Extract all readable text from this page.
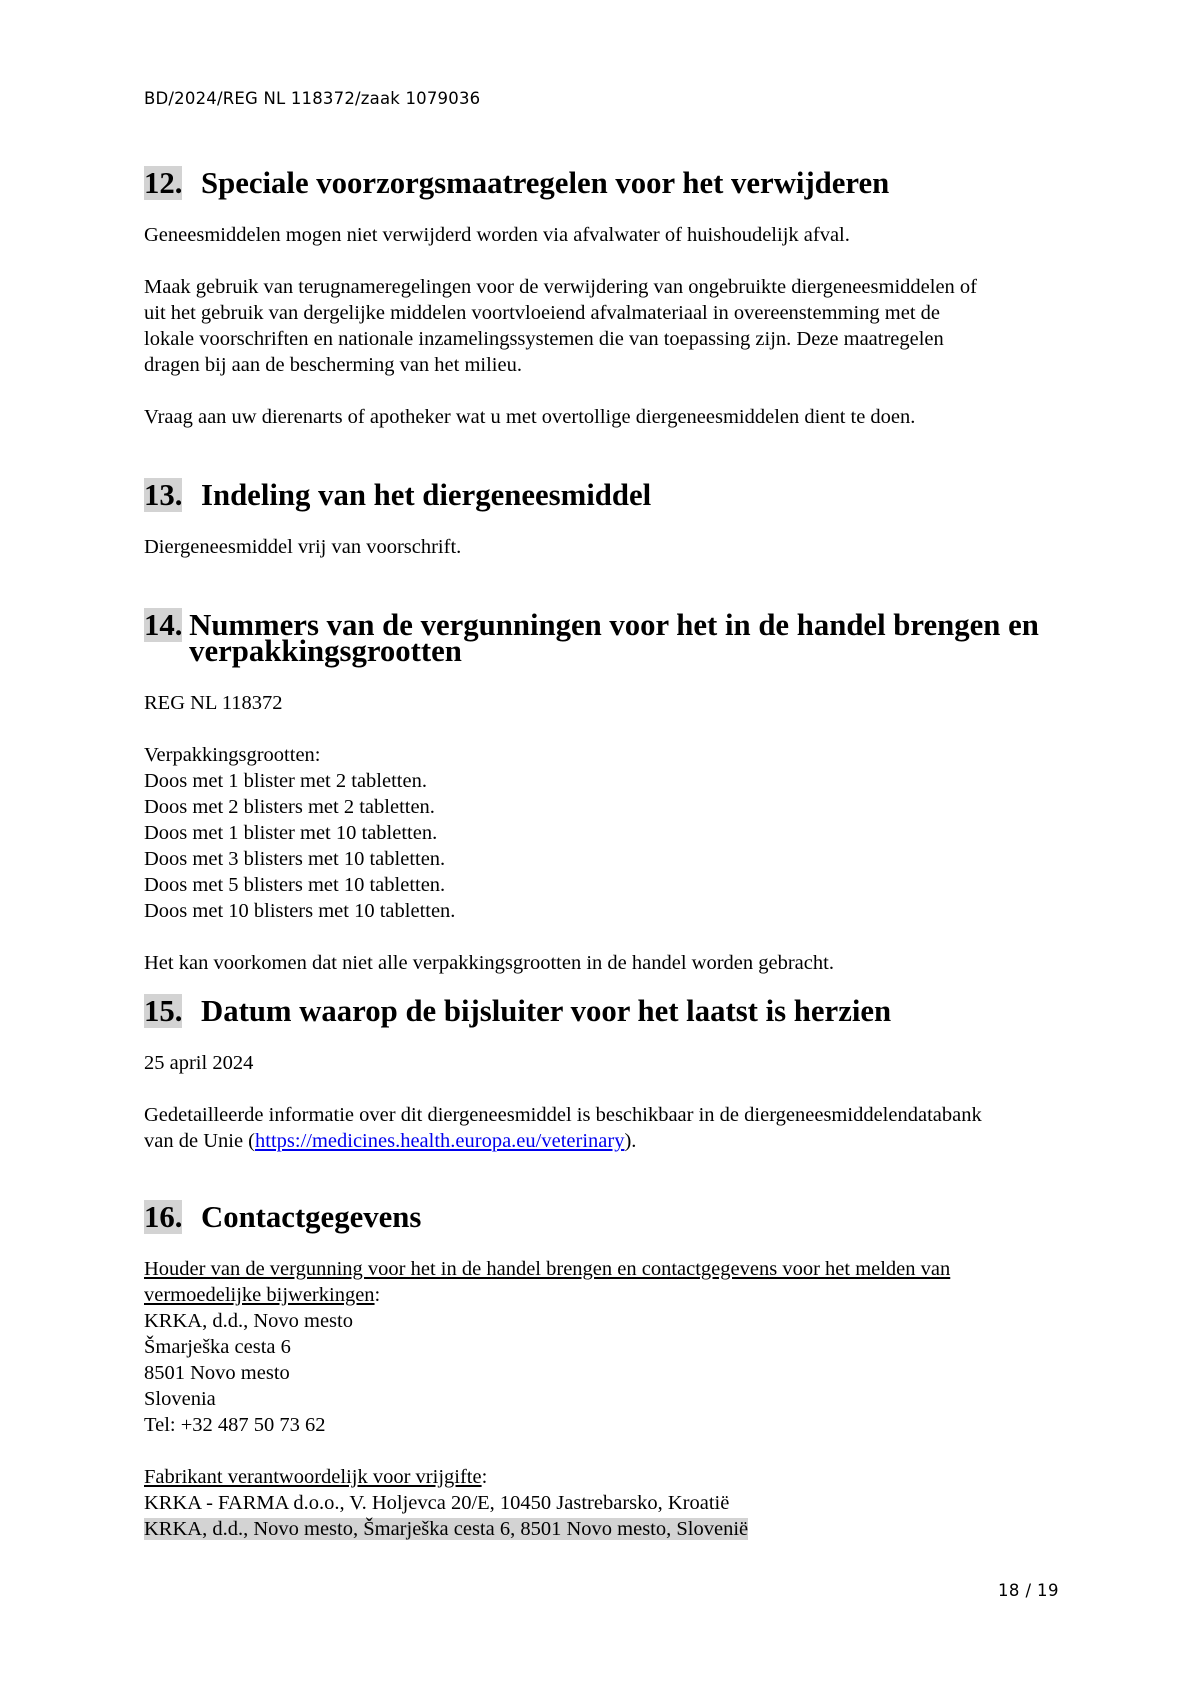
BD/2024/REG NL 118372/zaak 1079036
12. Speciale voorzorgsmaatregelen voor het verwijderen

Geneesmiddelen mogen niet verwijderd worden via afvalwater of huishoudelijk afval.

Maak gebruik van terugnameregelingen voor de verwijdering van ongebruikte diergeneesmiddelen of
uit het gebruik van dergelijke middelen voortvloeiend afvalmateriaal in overeenstemming met de
lokale voorschriften en nationale inzamelingssystemen die van toepassing zijn. Deze maatregelen
dragen bij aan de bescherming van het milieu.

Vraag aan uw dierenarts of apotheker wat u met overtollige diergeneesmiddelen dient te doen.

13. Indeling van het diergeneesmiddel

Diergeneesmiddel vrij van voorschrift.

14. Nummers van de vergunningen voor het in de handel brengen en verpakkingsgrootten

REG NL 118372

Verpakkingsgrootten:

Doos met 1 blister met 2 tabletten.

Doos met 2 blisters met 2 tabletten.

Doos met 1 blister met 10 tabletten.

Doos met 3 blisters met 10 tabletten.

Doos met 5 blisters met 10 tabletten.

Doos met 10 blisters met 10 tabletten.

Het kan voorkomen dat niet alle verpakkingsgrootten in de handel worden gebracht.

15. Datum waarop de bijsluiter voor het laatst is herzien

25 april 2024

Gedetailleerde informatie over dit diergeneesmiddel is beschikbaar in de diergeneesmiddelendatabank
van de Unie (https://medicines.health.europa.eu/veterinary).

16. Contactgegevens

Houder van de vergunning voor het in de handel brengen en contactgegevens voor het melden van
vermoedelijke bijwerkingen:

KRKA, d.d., Novo mesto

Šmarješka cesta 6

8501 Novo mesto

Slovenia

Tel: +32 487 50 73 62

Fabrikant verantwoordelijk voor vrijgifte:

KRKA - FARMA d.o.o., V. Holjevca 20/E, 10450 Jastrebarsko, Kroatië

KRKA, d.d., Novo mesto, Šmarješka cesta 6, 8501 Novo mesto, Slovenië

18 / 19
